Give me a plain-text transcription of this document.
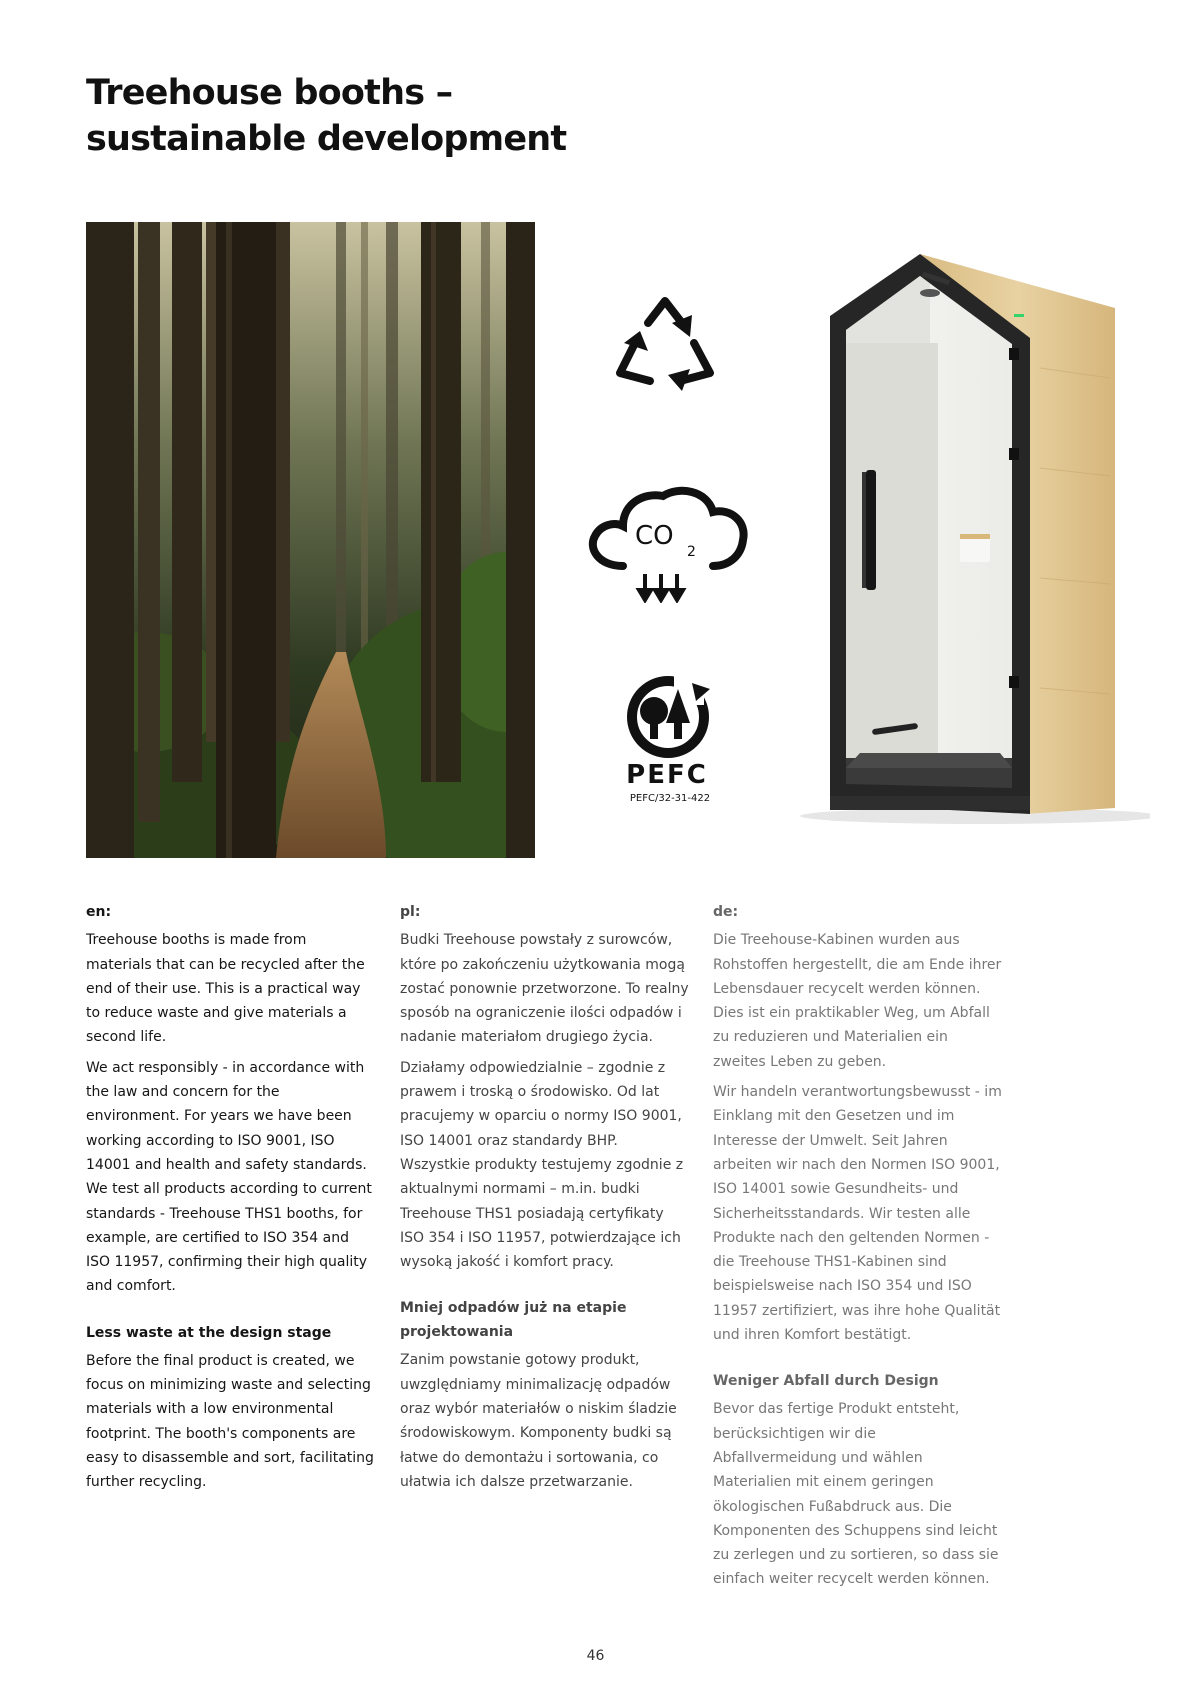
Treehouse booths –
sustainable development
CO
2
PEFC
PEFC/32-31-422

en:

Treehouse booths is made from materials that can be recycled after the end of their use. This is a practical way to reduce waste and give materials a second life.

We act responsibly - in accordance with the law and concern for the environment. For years we have been working according to ISO 9001, ISO 14001 and health and safety standards. We test all products according to current standards - Treehouse THS1 booths, for example, are certified to ISO 354 and ISO 11957, confirming their high quality and comfort.

Less waste at the design stage

Before the final product is created, we focus on minimizing waste and selecting materials with a low environmental footprint. The booth's components are easy to disassemble and sort, facilitating further recycling.

pl:

Budki Treehouse powstały z surowców, które po zakończeniu użytkowania mogą zostać ponownie przetworzone. To realny sposób na ograniczenie ilości odpadów i nadanie materiałom drugiego życia.

Działamy odpowiedzialnie – zgodnie z prawem i troską o środowisko. Od lat pracujemy w oparciu o normy ISO 9001, ISO 14001 oraz standardy BHP. Wszystkie produkty testujemy zgodnie z aktualnymi normami – m.in. budki Treehouse THS1 posiadają certyfikaty ISO 354 i ISO 11957, potwierdzające ich wysoką jakość i komfort pracy.

Mniej odpadów już na etapie projektowania

Zanim powstanie gotowy produkt, uwzględniamy minimalizację odpadów oraz wybór materiałów o niskim śladzie środowiskowym. Komponenty budki są łatwe do demontażu i sortowania, co ułatwia ich dalsze przetwarzanie.

de:

Die Treehouse-Kabinen wurden aus Rohstoffen hergestellt, die am Ende ihrer Lebensdauer recycelt werden können. Dies ist ein praktikabler Weg, um Abfall zu reduzieren und Materialien ein zweites Leben zu geben.

Wir handeln verantwortungsbewusst - im Einklang mit den Gesetzen und im Interesse der Umwelt. Seit Jahren arbeiten wir nach den Normen ISO 9001, ISO 14001 sowie Gesundheits- und Sicherheitsstandards. Wir testen alle Produkte nach den geltenden Normen - die Treehouse THS1-Kabinen sind beispielsweise nach ISO 354 und ISO 11957 zertifiziert, was ihre hohe Qualität und ihren Komfort bestätigt.

Weniger Abfall durch Design

Bevor das fertige Produkt entsteht, berücksichtigen wir die Abfallvermeidung und wählen Materialien mit einem geringen ökologischen Fußabdruck aus. Die Komponenten des Schuppens sind leicht zu zerlegen und zu sortieren, so dass sie einfach weiter recycelt werden können.

46
